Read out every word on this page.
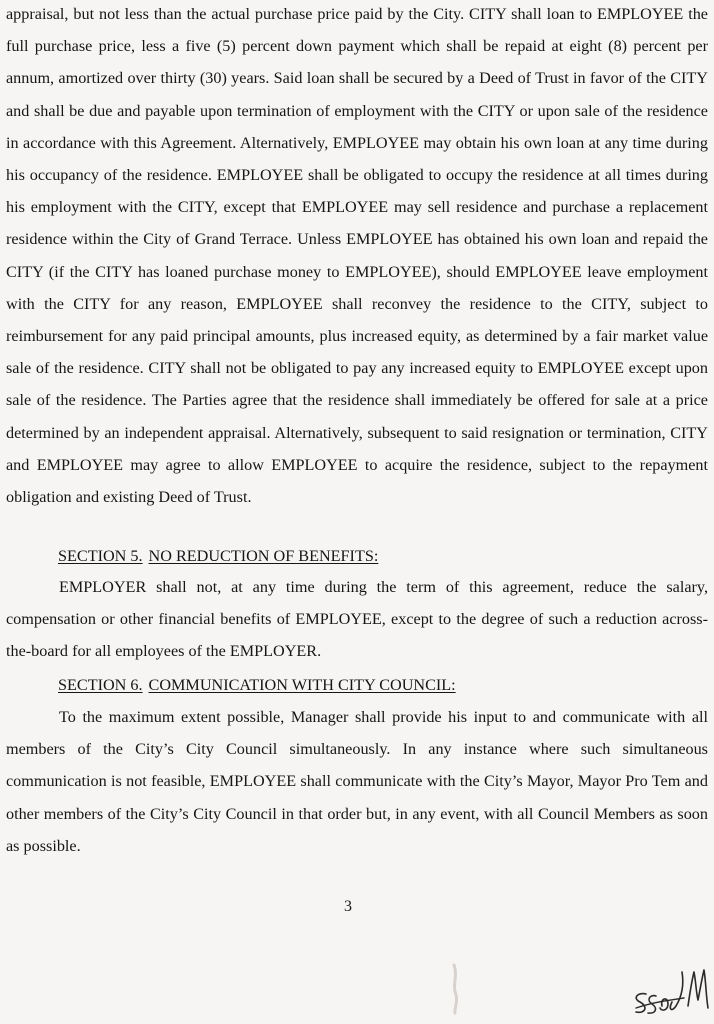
appraisal, but not less than the actual purchase price paid by the City. CITY shall loan to EMPLOYEE the full purchase price, less a five (5) percent down payment which shall be repaid at eight (8) percent per annum, amortized over thirty (30) years. Said loan shall be secured by a Deed of Trust in favor of the CITY and shall be due and payable upon termination of employment with the CITY or upon sale of the residence in accordance with this Agreement. Alternatively, EMPLOYEE may obtain his own loan at any time during his occupancy of the residence. EMPLOYEE shall be obligated to occupy the residence at all times during his employment with the CITY, except that EMPLOYEE may sell residence and purchase a replacement residence within the City of Grand Terrace. Unless EMPLOYEE has obtained his own loan and repaid the CITY (if the CITY has loaned purchase money to EMPLOYEE), should EMPLOYEE leave employment with the CITY for any reason, EMPLOYEE shall reconvey the residence to the CITY, subject to reimbursement for any paid principal amounts, plus increased equity, as determined by a fair market value sale of the residence. CITY shall not be obligated to pay any increased equity to EMPLOYEE except upon sale of the residence. The Parties agree that the residence shall immediately be offered for sale at a price determined by an independent appraisal. Alternatively, subsequent to said resignation or termination, CITY and EMPLOYEE may agree to allow EMPLOYEE to acquire the residence, subject to the repayment obligation and existing Deed of Trust.

SECTION 5. NO REDUCTION OF BENEFITS:

EMPLOYER shall not, at any time during the term of this agreement, reduce the salary, compensation or other financial benefits of EMPLOYEE, except to the degree of such a reduction across-the-board for all employees of the EMPLOYER.

SECTION 6. COMMUNICATION WITH CITY COUNCIL:

To the maximum extent possible, Manager shall provide his input to and communicate with all members of the City’s City Council simultaneously. In any instance where such simultaneous communication is not feasible, EMPLOYEE shall communicate with the City’s Mayor, Mayor Pro Tem and other members of the City’s City Council in that order but, in any event, with all Council Members as soon as possible.

3
